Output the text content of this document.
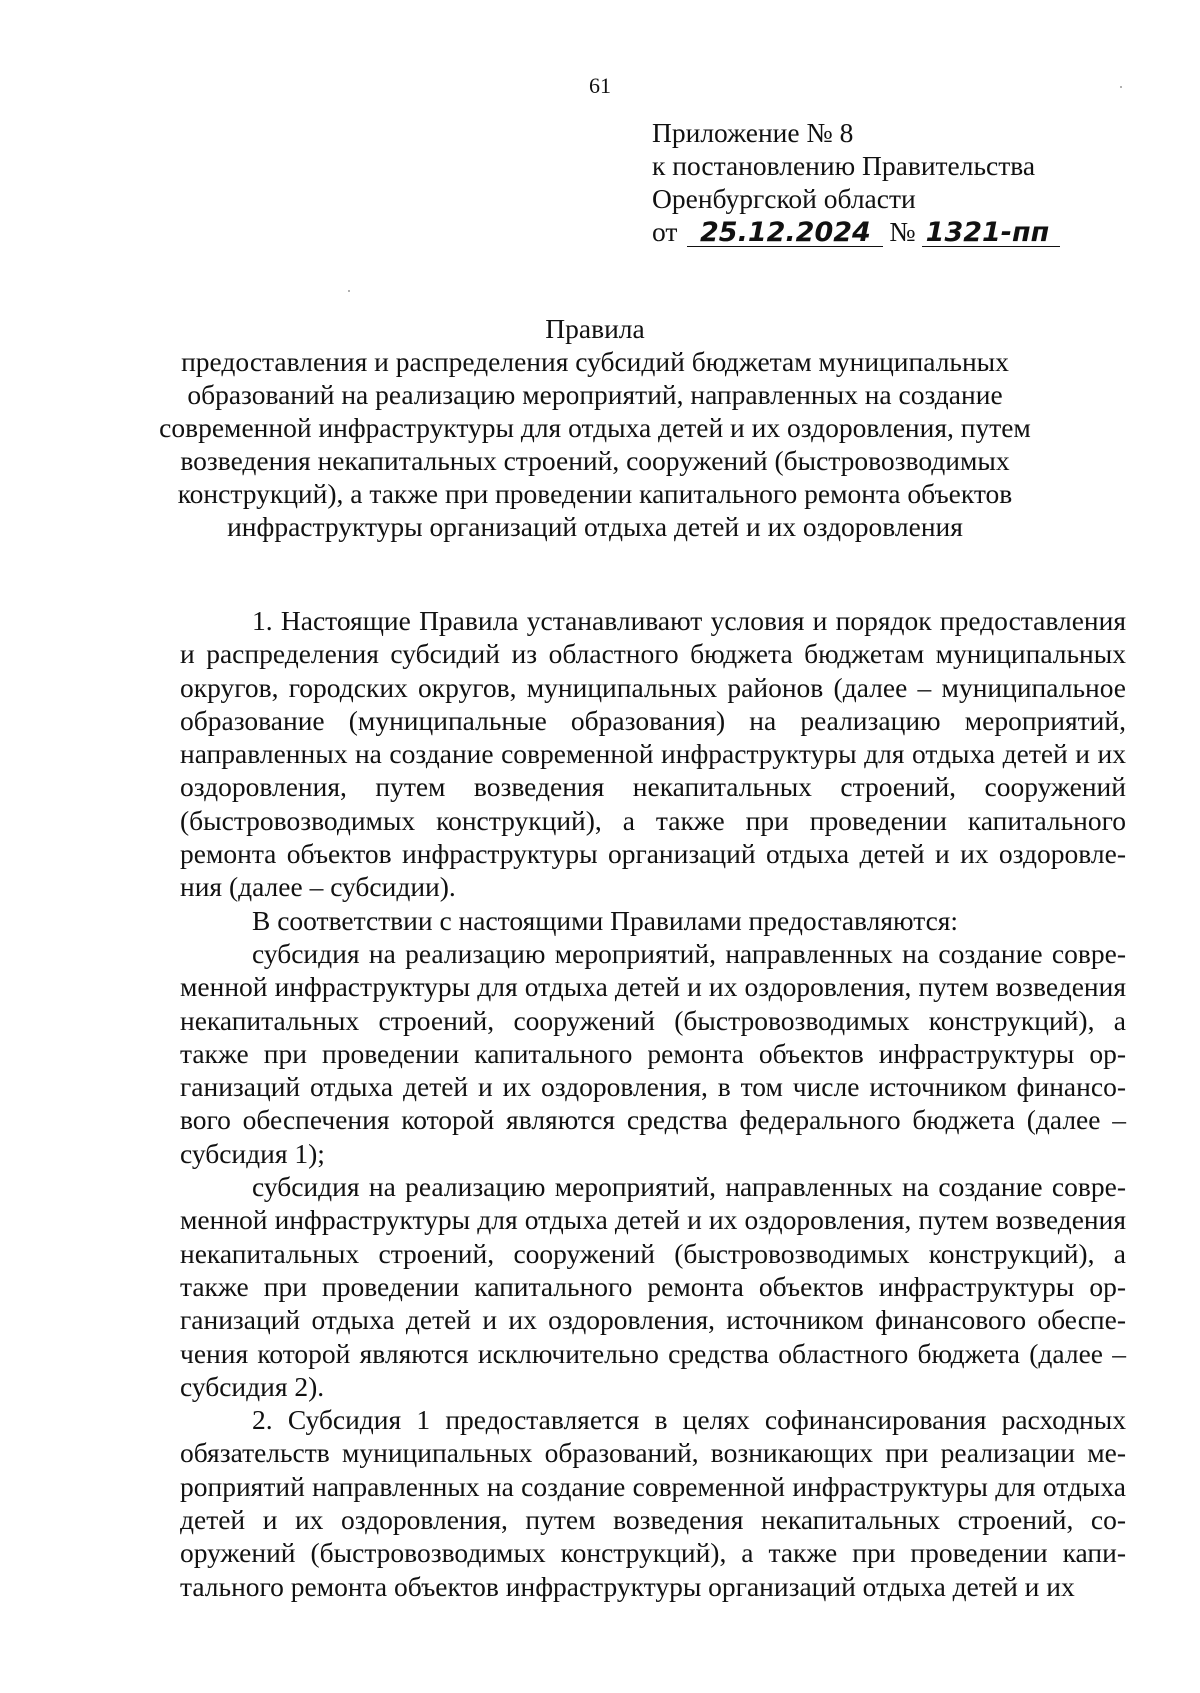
61
Приложение № 8
к постановлению Правительства
Оренбургской области
от 25.12.2024 № 1321-пп
Правила
предоставления и распределения субсидий бюджетам муниципальных
образований на реализацию мероприятий, направленных на создание
современной инфраструктуры для отдыха детей и их оздоровления, путем
возведения некапитальных строений, сооружений (быстровозводимых
конструкций), а также при проведении капитального ремонта объектов
инфраструктуры организаций отдыха детей и их оздоровления

1. Настоящие Правила устанавливают условия и порядок предоставления и распределения субсидий из областного бюджета бюджетам муниципальных округов, городских округов, муниципальных районов (далее – муниципальное образование (муниципальные образования) на реализацию мероприятий, направленных на создание современной инфраструктуры для отдыха детей и их оздоровления, путем возведения некапитальных строений, сооружений (быстровозводимых конструкций), а также при проведении капитального ремонта объектов инфраструктуры организаций отдыха детей и их оздоровления (далее – субсидии).

В соответствии с настоящими Правилами предоставляются:

субсидия на реализацию мероприятий, направленных на создание современной инфраструктуры для отдыха детей и их оздоровления, путем возведения некапитальных строений, сооружений (быстровозводимых конструкций), а также при проведении капитального ремонта объектов инфраструктуры организаций отдыха детей и их оздоровления, в том числе источником финансового обеспечения которой являются средства федерального бюджета (далее – субсидия 1);

субсидия на реализацию мероприятий, направленных на создание современной инфраструктуры для отдыха детей и их оздоровления, путем возведения некапитальных строений, сооружений (быстровозводимых конструкций), а также при проведении капитального ремонта объектов инфраструктуры организаций отдыха детей и их оздоровления, источником финансового обеспечения которой являются исключительно средства областного бюджета (далее – субсидия 2).

2. Субсидия 1 предоставляется в целях софинансирования расходных обязательств муниципальных образований, возникающих при реализации мероприятий направленных на создание современной инфраструктуры для отдыха детей и их оздоровления, путем возведения некапитальных строений, сооружений (быстровозводимых конструкций), а также при проведении капитального ремонта объектов инфраструктуры организаций отдыха детей и их
